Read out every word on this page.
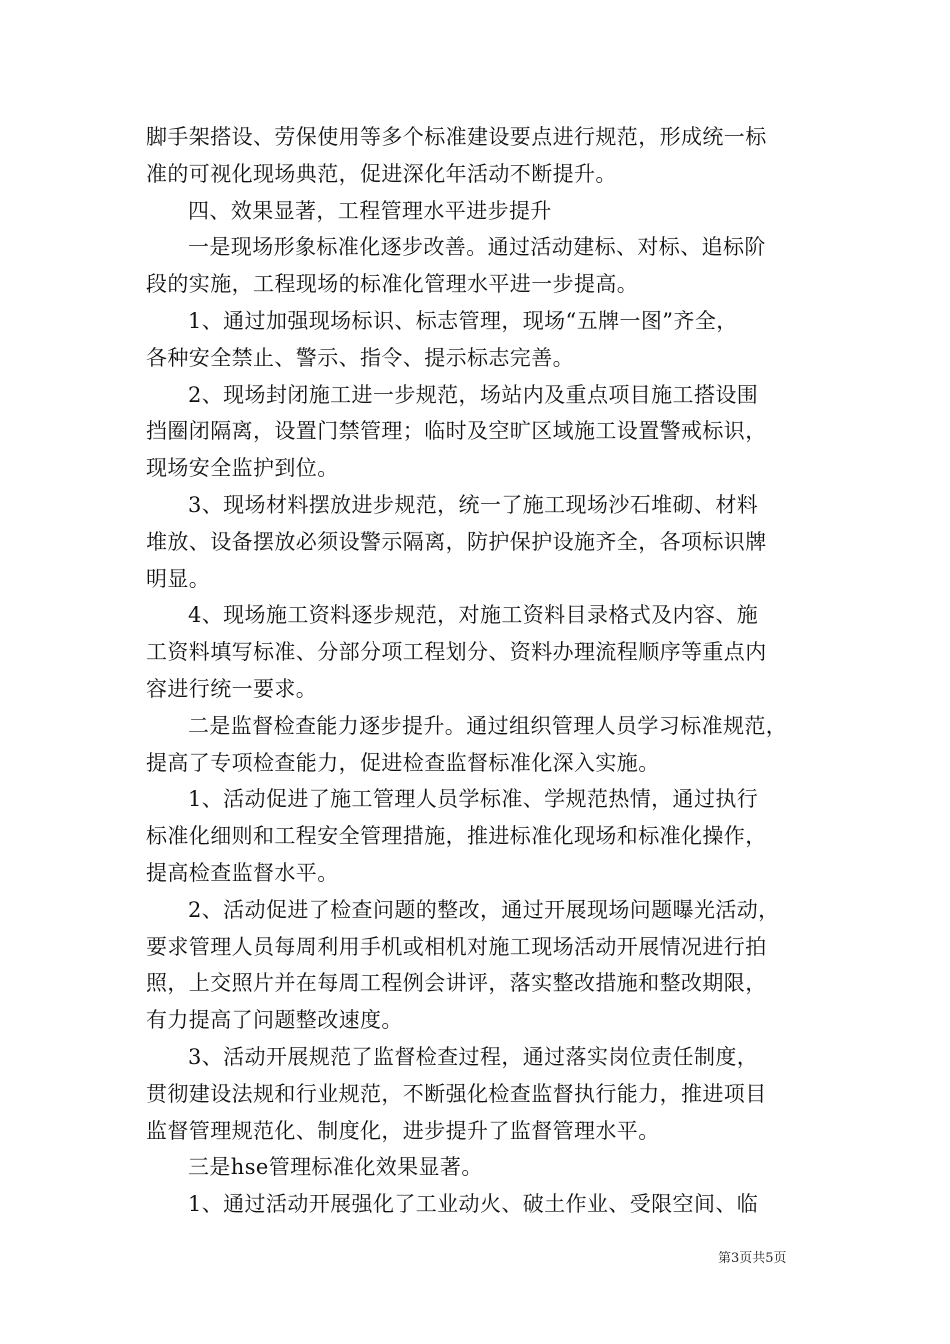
脚手架搭设、劳保使用等多个标准建设要点进行规范，形成统一标
准的可视化现场典范，促进深化年活动不断提升。
四、效果显著，工程管理水平进步提升
一是现场形象标准化逐步改善。通过活动建标、对标、追标阶
段的实施，工程现场的标准化管理水平进一步提高。
1、通过加强现场标识、标志管理，现场“五牌一图”齐全，
各种安全禁止、警示、指令、提示标志完善。
2、现场封闭施工进一步规范，场站内及重点项目施工搭设围
挡圈闭隔离，设置门禁管理；临时及空旷区域施工设置警戒标识，
现场安全监护到位。
3、现场材料摆放进步规范，统一了施工现场沙石堆砌、材料
堆放、设备摆放必须设警示隔离，防护保护设施齐全，各项标识牌
明显。
4、现场施工资料逐步规范，对施工资料目录格式及内容、施
工资料填写标准、分部分项工程划分、资料办理流程顺序等重点内
容进行统一要求。
二是监督检查能力逐步提升。通过组织管理人员学习标准规范，
提高了专项检查能力，促进检查监督标准化深入实施。
1、活动促进了施工管理人员学标准、学规范热情，通过执行
标准化细则和工程安全管理措施，推进标准化现场和标准化操作，
提高检查监督水平。
2、活动促进了检查问题的整改，通过开展现场问题曝光活动，
要求管理人员每周利用手机或相机对施工现场活动开展情况进行拍
照，上交照片并在每周工程例会讲评，落实整改措施和整改期限，
有力提高了问题整改速度。
3、活动开展规范了监督检查过程，通过落实岗位责任制度，
贯彻建设法规和行业规范，不断强化检查监督执行能力，推进项目
监督管理规范化、制度化，进步提升了监督管理水平。
三是hse管理标准化效果显著。
1、通过活动开展强化了工业动火、破土作业、受限空间、临
第3页共5页
